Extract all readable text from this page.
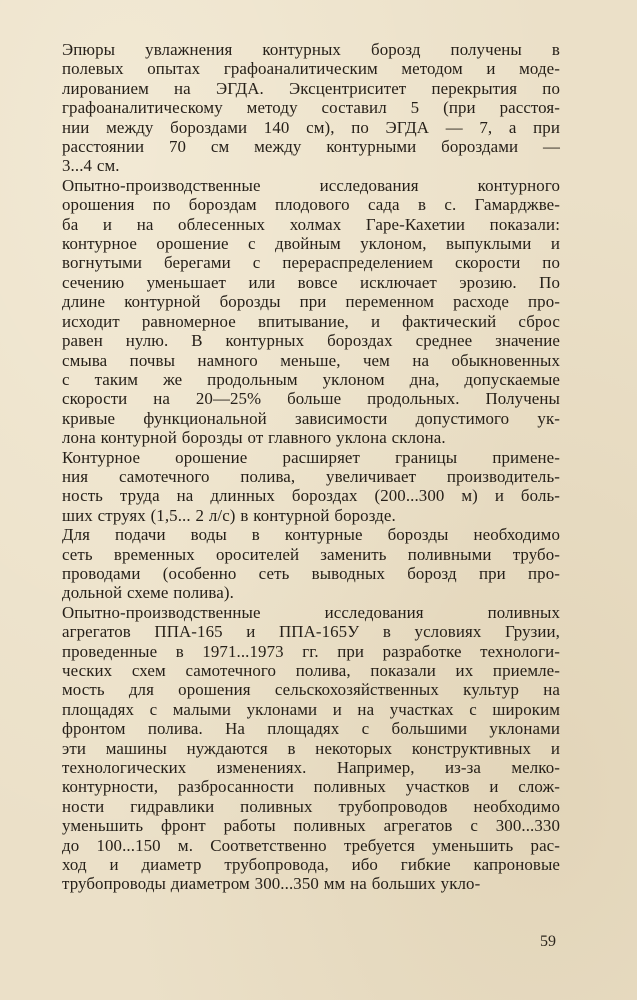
Эпюры увлажнения контурных борозд получены в
полевых опытах графоаналитическим методом и моде-
лированием на ЭГДА. Эксцентриситет перекрытия по
графоаналитическому методу составил 5 (при расстоя-
нии между бороздами 140 см), по ЭГДА — 7, а при
расстоянии 70 см между контурными бороздами —
3...4 см.
Опытно-производственные исследования контурного
орошения по бороздам плодового сада в с. Гамарджве-
ба и на облесенных холмах Гаре-Кахетии показали:
контурное орошение с двойным уклоном, выпуклыми и
вогнутыми берегами с перераспределением скорости по
сечению уменьшает или вовсе исключает эрозию. По
длине контурной борозды при переменном расходе про-
исходит равномерное впитывание, и фактический сброс
равен нулю. В контурных бороздах среднее значение
смыва почвы намного меньше, чем на обыкновенных
с таким же продольным уклоном дна, допускаемые
скорости на 20—25% больше продольных. Получены
кривые функциональной зависимости допустимого ук-
лона контурной борозды от главного уклона склона.
Контурное орошение расширяет границы примене-
ния самотечного полива, увеличивает производитель-
ность труда на длинных бороздах (200...300 м) и боль-
ших струях (1,5... 2 л/с) в контурной борозде.
Для подачи воды в контурные борозды необходимо
сеть временных оросителей заменить поливными трубо-
проводами (особенно сеть выводных борозд при про-
дольной схеме полива).
Опытно-производственные исследования поливных
агрегатов ППА-165 и ППА-165У в условиях Грузии,
проведенные в 1971...1973 гг. при разработке технологи-
ческих схем самотечного полива, показали их приемле-
мость для орошения сельскохозяйственных культур на
площадях с малыми уклонами и на участках с широким
фронтом полива. На площадях с большими уклонами
эти машины нуждаются в некоторых конструктивных и
технологических изменениях. Например, из-за мелко-
контурности, разбросанности поливных участков и слож-
ности гидравлики поливных трубопроводов необходимо
уменьшить фронт работы поливных агрегатов с 300...330
до 100...150 м. Соответственно требуется уменьшить рас-
ход и диаметр трубопровода, ибо гибкие капроновые
трубопроводы диаметром 300...350 мм на больших укло-
59
